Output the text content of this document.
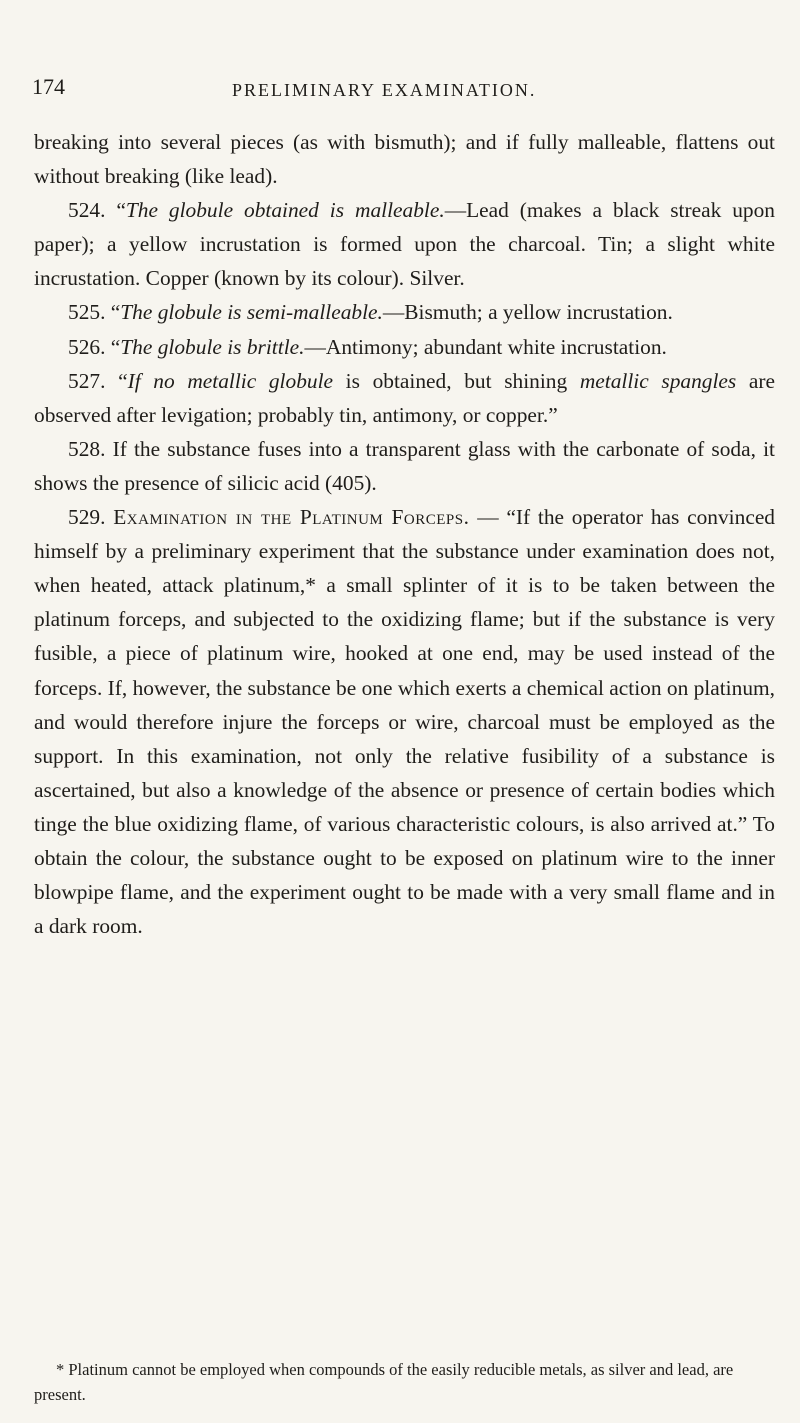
174	PRELIMINARY EXAMINATION.

breaking into several pieces (as with bismuth); and if fully malleable, flattens out without breaking (like lead).

524. “The globule obtained is malleable.—Lead (makes a black streak upon paper); a yellow incrustation is formed upon the charcoal. Tin; a slight white incrustation. Copper (known by its colour). Silver.

525. “The globule is semi-malleable.—Bismuth; a yellow incrustation.

526. “The globule is brittle.—Antimony; abundant white incrustation.

527. “If no metallic globule is obtained, but shining metallic spangles are observed after levigation; probably tin, antimony, or copper.”

528. If the substance fuses into a transparent glass with the carbonate of soda, it shows the presence of silicic acid (405).

529. Examination in the Platinum Forceps. — “If the operator has convinced himself by a preliminary experiment that the substance under examination does not, when heated, attack platinum,* a small splinter of it is to be taken between the platinum forceps, and subjected to the oxidizing flame; but if the substance is very fusible, a piece of platinum wire, hooked at one end, may be used instead of the forceps. If, however, the substance be one which exerts a chemical action on platinum, and would therefore injure the forceps or wire, charcoal must be employed as the support. In this examination, not only the relative fusibility of a substance is ascertained, but also a knowledge of the absence or presence of certain bodies which tinge the blue oxidizing flame, of various characteristic colours, is also arrived at.” To obtain the colour, the substance ought to be exposed on platinum wire to the inner blowpipe flame, and the experiment ought to be made with a very small flame and in a dark room.

* Platinum cannot be employed when compounds of the easily reducible metals, as silver and lead, are present.
